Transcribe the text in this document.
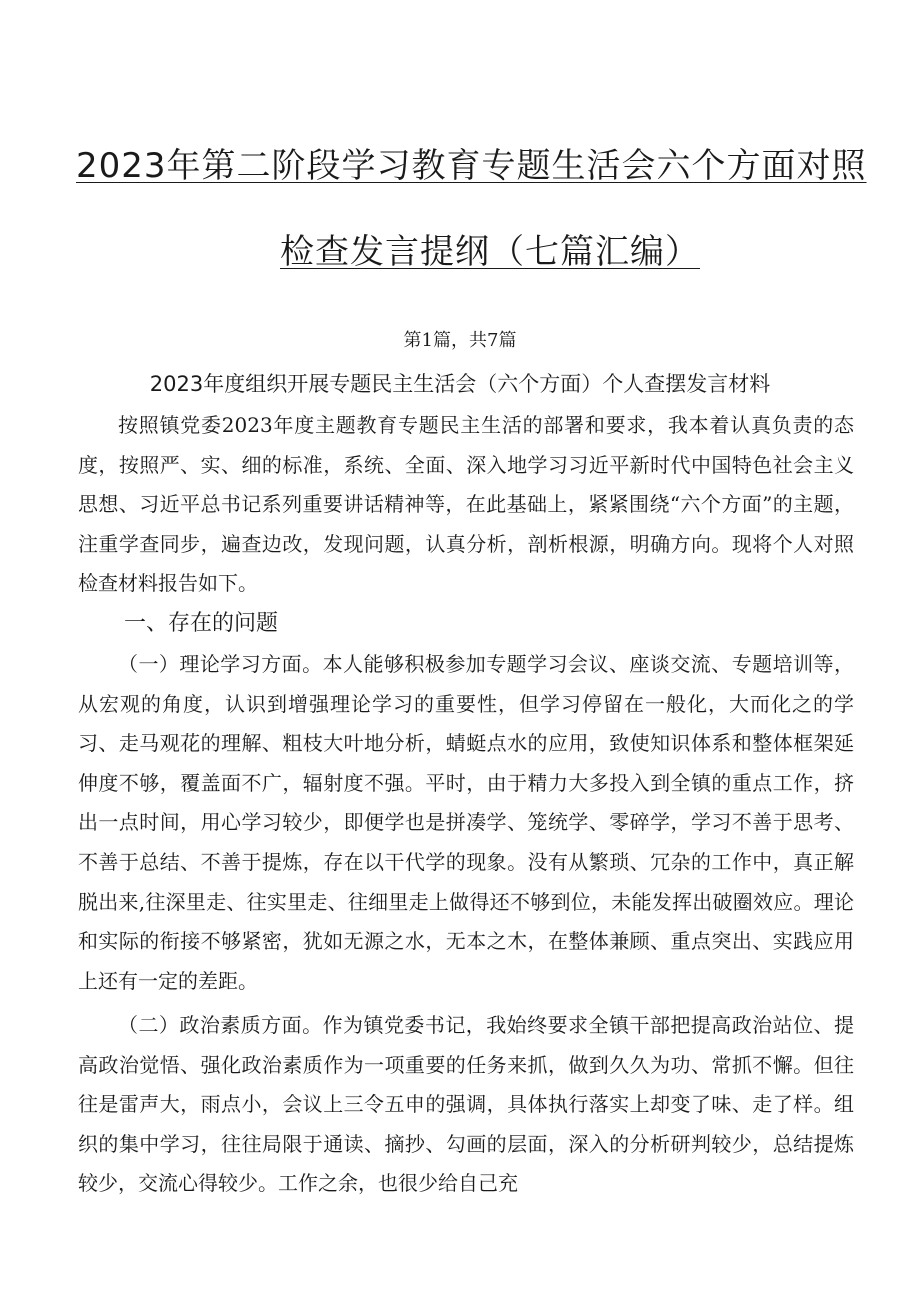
2023年第二阶段学习教育专题生活会六个方面对照
检查发言提纲（七篇汇编）
第1篇，共7篇
2023年度组织开展专题民主生活会（六个方面）个人查摆发言材料

按照镇党委2023年度主题教育专题民主生活的部署和要求，我本着认真负责的态度，按照严、实、细的标准，系统、全面、深入地学习习近平新时代中国特色社会主义思想、习近平总书记系列重要讲话精神等，在此基础上，紧紧围绕“六个方面”的主题，注重学查同步，遍查边改，发现问题，认真分析，剖析根源，明确方向。现将个人对照检查材料报告如下。

一、存在的问题

（一）理论学习方面。本人能够积极参加专题学习会议、座谈交流、专题培训等，从宏观的角度，认识到增强理论学习的重要性，但学习停留在一般化，大而化之的学习、走马观花的理解、粗枝大叶地分析，蜻蜓点水的应用，致使知识体系和整体框架延伸度不够，覆盖面不广，辐射度不强。平时，由于精力大多投入到全镇的重点工作，挤出一点时间，用心学习较少，即便学也是拼凑学、笼统学、零碎学，学习不善于思考、不善于总结、不善于提炼，存在以干代学的现象。没有从繁琐、冗杂的工作中，真正解脱出来,往深里走、往实里走、往细里走上做得还不够到位，未能发挥出破圈效应。理论和实际的衔接不够紧密，犹如无源之水，无本之木，在整体兼顾、重点突出、实践应用上还有一定的差距。

（二）政治素质方面。作为镇党委书记，我始终要求全镇干部把提高政治站位、提高政治觉悟、强化政治素质作为一项重要的任务来抓，做到久久为功、常抓不懈。但往往是雷声大，雨点小，会议上三令五申的强调，具体执行落实上却变了味、走了样。组织的集中学习，往往局限于通读、摘抄、勾画的层面，深入的分析研判较少，总结提炼较少，交流心得较少。工作之余，也很少给自己充
